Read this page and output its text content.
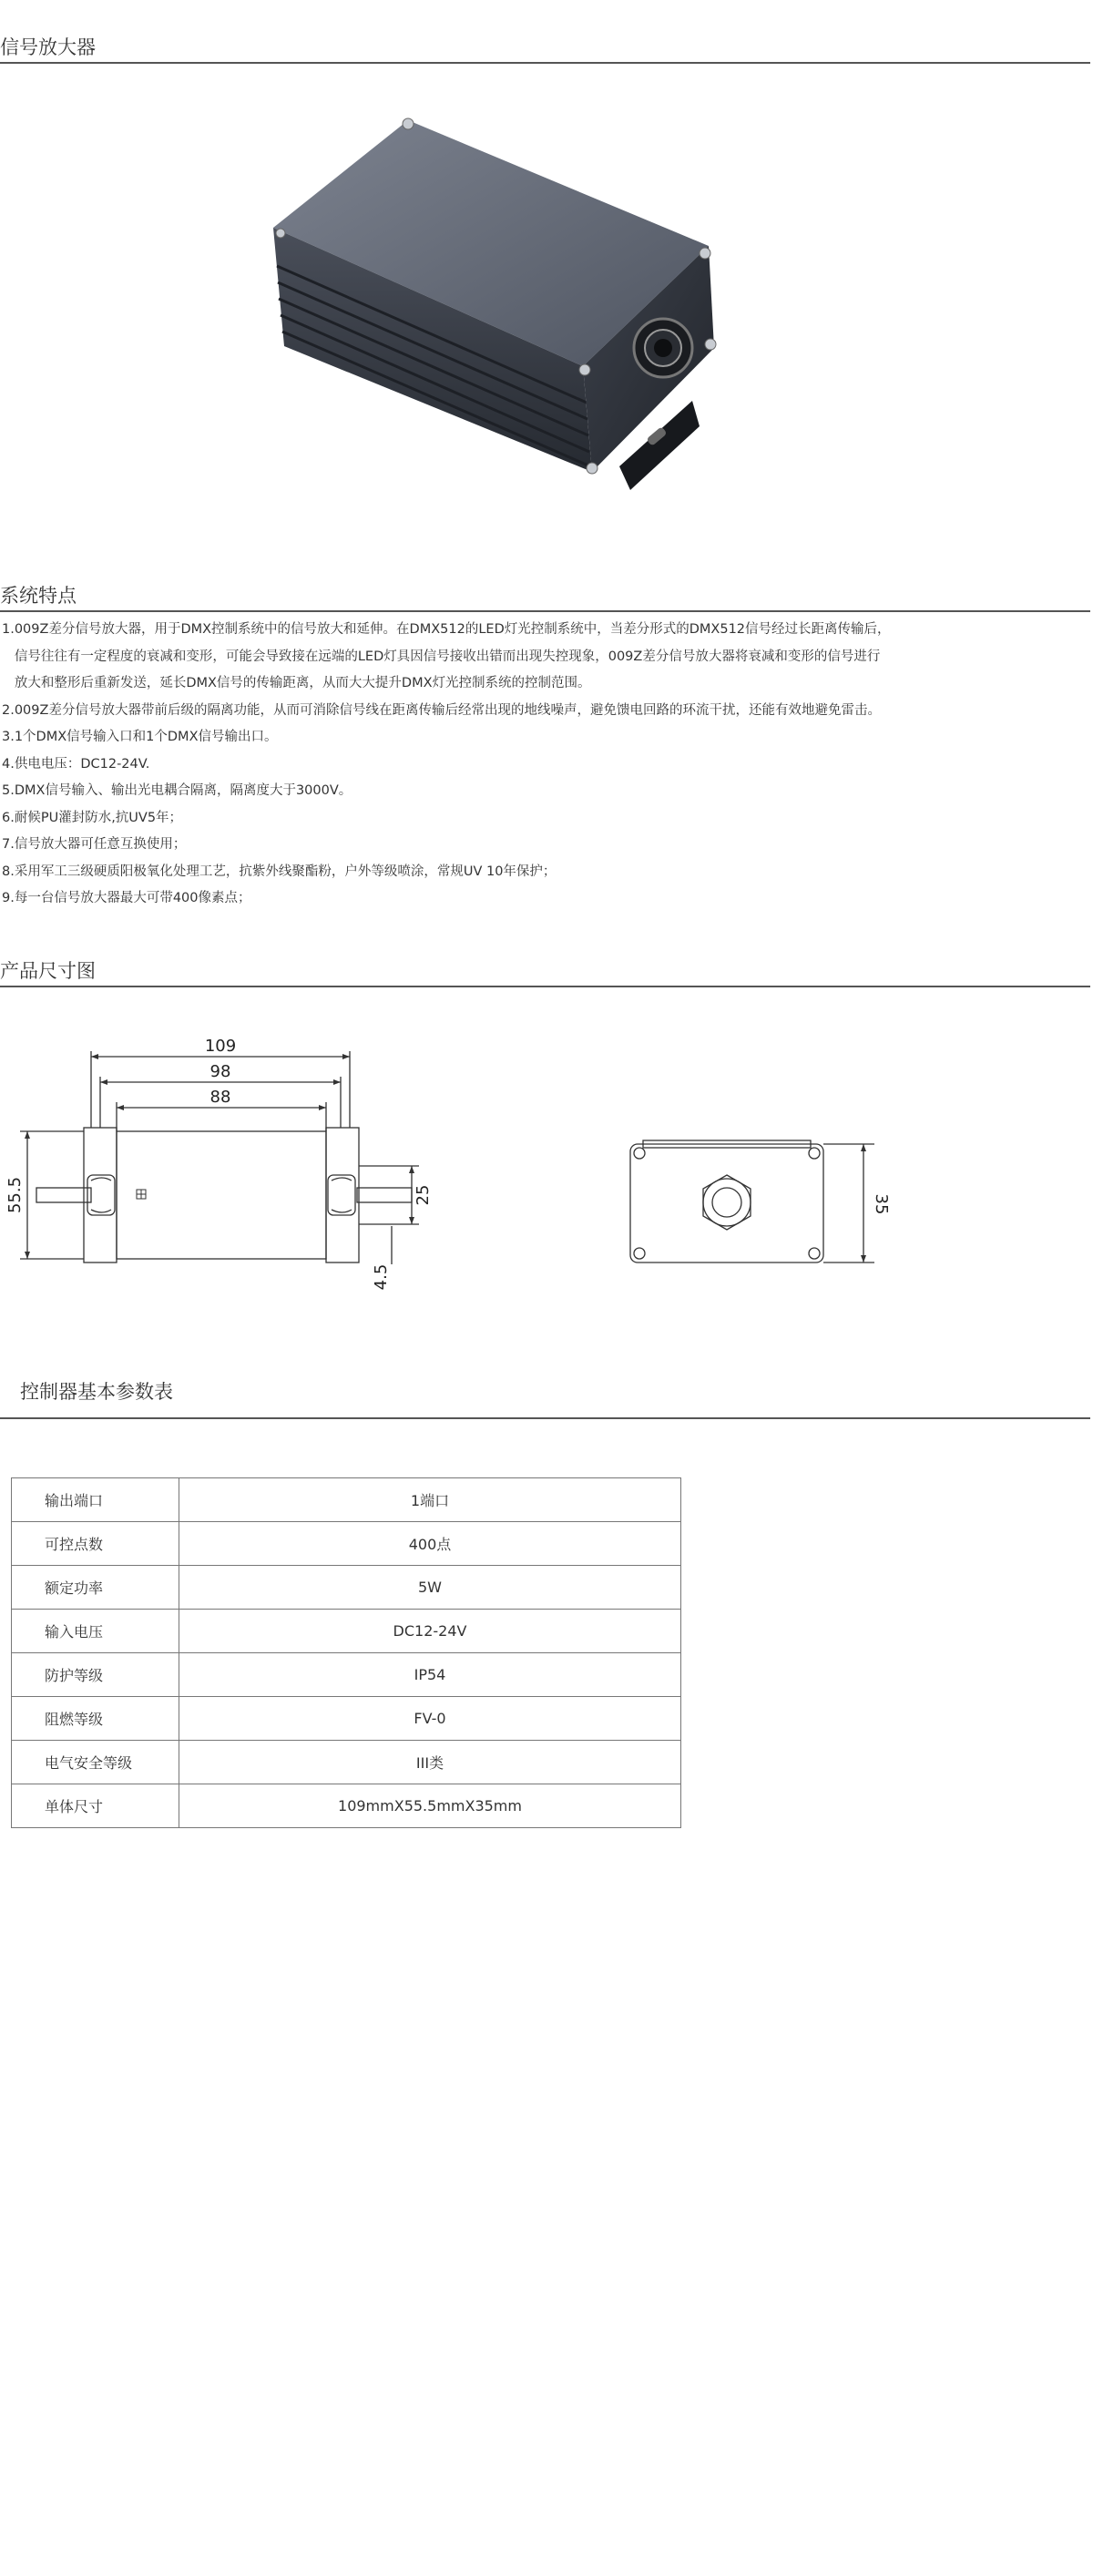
信号放大器
系统特点

1.009Z差分信号放大器，用于DMX控制系统中的信号放大和延伸。在DMX512的LED灯光控制系统中，当差分形式的DMX512信号经过长距离传输后，

信号往往有一定程度的衰减和变形，可能会导致接在远端的LED灯具因信号接收出错而出现失控现象，009Z差分信号放大器将衰减和变形的信号进行

放大和整形后重新发送，延长DMX信号的传输距离，从而大大提升DMX灯光控制系统的控制范围。

2.009Z差分信号放大器带前后级的隔离功能，从而可消除信号线在距离传输后经常出现的地线噪声，避免馈电回路的环流干扰，还能有效地避免雷击。

3.1个DMX信号输入口和1个DMX信号输出口。

4.供电电压：DC12-24V.

5.DMX信号输入、输出光电耦合隔离，隔离度大于3000V。

6.耐候PU灌封防水,抗UV5年；

7.信号放大器可任意互换使用；

8.采用军工三级硬质阳极氧化处理工艺，抗紫外线聚酯粉，户外等级喷涂，常规UV 10年保护；

9.每一台信号放大器最大可带400像素点；

产品尺寸图
109
98
88
55.5	25
4.5
35
控制器基本参数表
输出端口	1端口
可控点数	400点
额定功率	5W
输入电压	DC12-24V
防护等级	IP54
阻燃等级	FV-0
电气安全等级	III类
单体尺寸	109mmX55.5mmX35mm
